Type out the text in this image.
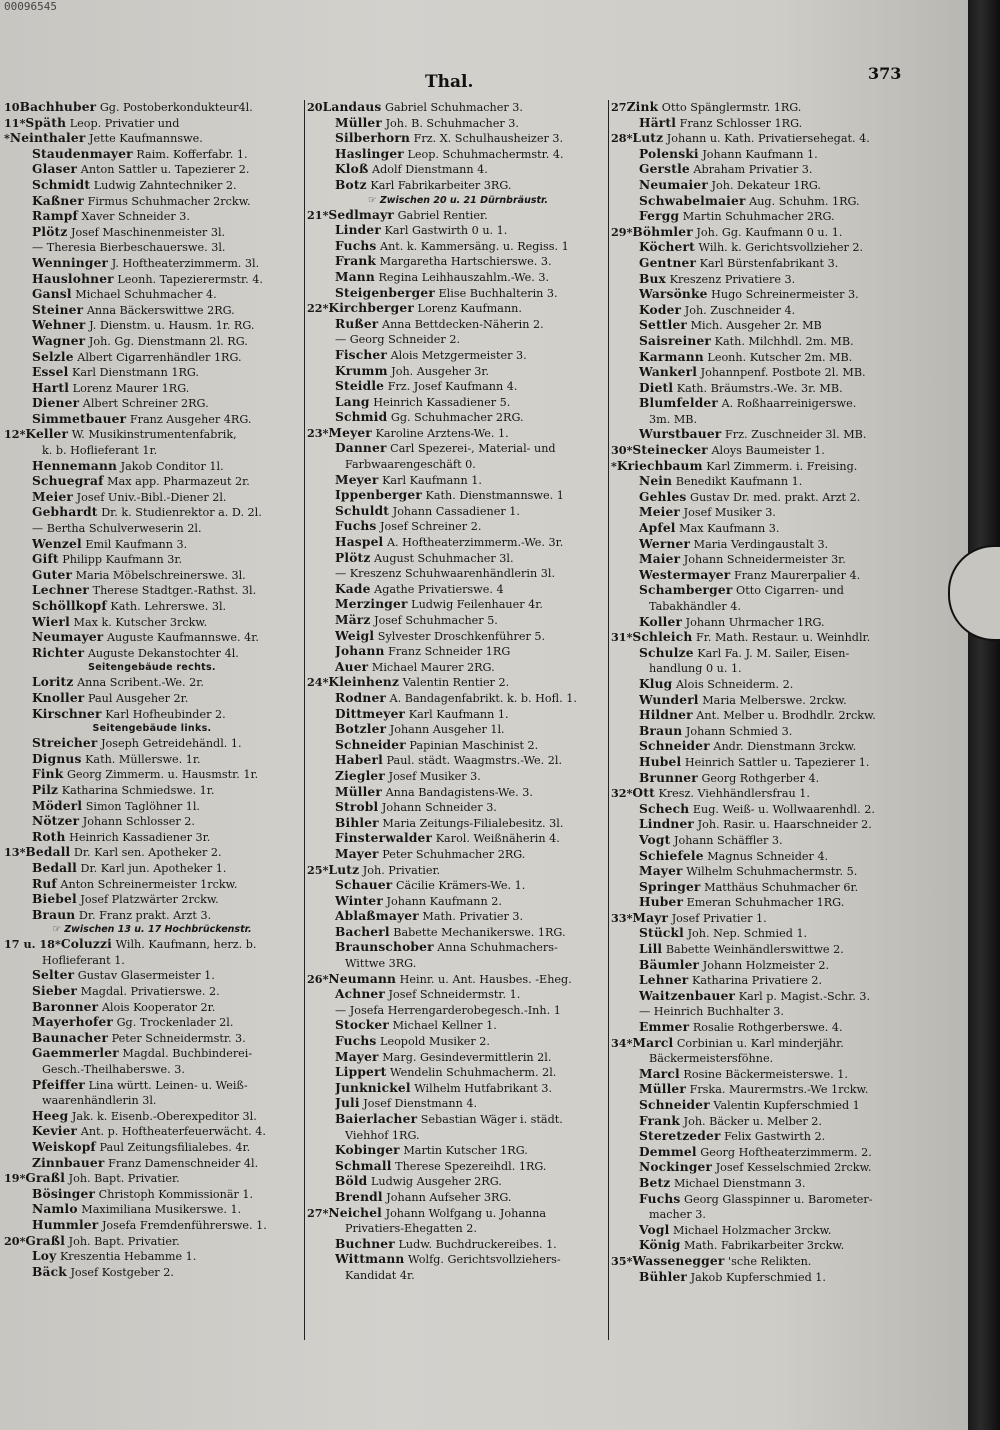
00096545
Thal.	373
10Bachhuber Gg. Postoberkondukteur4l.
11*Späth Leop. Privatier und
*Neinthaler Jette Kaufmannswe.
Staudenmayer Raim. Kofferfabr. 1.
Glaser Anton Sattler u. Tapezierer 2.
Schmidt Ludwig Zahntechniker 2.
Kaßner Firmus Schuhmacher 2rckw.
Rampf Xaver Schneider 3.
Plötz Josef Maschinenmeister 3l.
— Theresia Bierbeschauerswe. 3l.
Wenninger J. Hoftheaterzimmerm. 3l.
Hauslohner Leonh. Tapezierermstr. 4.
Gansl Michael Schuhmacher 4.
Steiner Anna Bäckerswittwe 2RG.
Wehner J. Dienstm. u. Hausm. 1r. RG.
Wagner Joh. Gg. Dienstmann 2l. RG.
Selzle Albert Cigarrenhändler 1RG.
Essel Karl Dienstmann 1RG.
Hartl Lorenz Maurer 1RG.
Diener Albert Schreiner 2RG.
Simmetbauer Franz Ausgeher 4RG.
12*Keller W. Musikinstrumentenfabrik,
k. b. Hoflieferant 1r.
Hennemann Jakob Conditor 1l.
Schuegraf Max app. Pharmazeut 2r.
Meier Josef Univ.-Bibl.-Diener 2l.
Gebhardt Dr. k. Studienrektor a. D. 2l.
— Bertha Schulverweserin 2l.
Wenzel Emil Kaufmann 3.
Gift Philipp Kaufmann 3r.
Guter Maria Möbelschreinerswe. 3l.
Lechner Therese Stadtger.-Rathst. 3l.
Schöllkopf Kath. Lehrerswe. 3l.
Wierl Max k. Kutscher 3rckw.
Neumayer Auguste Kaufmannswe. 4r.
Richter Auguste Dekanstochter 4l.
Seitengebäude rechts.
Loritz Anna Scribent.-We. 2r.
Knoller Paul Ausgeher 2r.
Kirschner Karl Hofheubinder 2.
Seitengebäude links.
Streicher Joseph Getreidehändl. 1.
Dignus Kath. Müllerswe. 1r.
Fink Georg Zimmerm. u. Hausmstr. 1r.
Pilz Katharina Schmiedswe. 1r.
Möderl Simon Taglöhner 1l.
Nötzer Johann Schlosser 2.
Roth Heinrich Kassadiener 3r.
13*Bedall Dr. Karl sen. Apotheker 2.
Bedall Dr. Karl jun. Apotheker 1.
Ruf Anton Schreinermeister 1rckw.
Biebel Josef Platzwärter 2rckw.
Braun Dr. Franz prakt. Arzt 3.
☞ Zwischen 13 u. 17 Hochbrückenstr.
17 u. 18*Coluzzi Wilh. Kaufmann, herz. b.
Hoflieferant 1.
Selter Gustav Glasermeister 1.
Sieber Magdal. Privatierswe. 2.
Baronner Alois Kooperator 2r.
Mayerhofer Gg. Trockenlader 2l.
Baunacher Peter Schneidermstr. 3.
Gaemmerler Magdal. Buchbinderei-
Gesch.-Theilhaberswe. 3.
Pfeiffer Lina württ. Leinen- u. Weiß-
waarenhändlerin 3l.
Heeg Jak. k. Eisenb.-Oberexpeditor 3l.
Kevier Ant. p. Hoftheaterfeuerwächt. 4.
Weiskopf Paul Zeitungsfilialebes. 4r.
Zinnbauer Franz Damenschneider 4l.
19*Graßl Joh. Bapt. Privatier.
Bösinger Christoph Kommissionär 1.
Namlo Maximiliana Musikerswe. 1.
Hummler Josefa Fremdenführerswe. 1.
20*Graßl Joh. Bapt. Privatier.
Loy Kreszentia Hebamme 1.
Bäck Josef Kostgeber 2.
20Landaus Gabriel Schuhmacher 3.
Müller Joh. B. Schuhmacher 3.
Silberhorn Frz. X. Schulhausheizer 3.
Haslinger Leop. Schuhmachermstr. 4.
Kloß Adolf Dienstmann 4.
Botz Karl Fabrikarbeiter 3RG.
☞ Zwischen 20 u. 21 Dürnbräustr.
21*Sedlmayr Gabriel Rentier.
Linder Karl Gastwirth 0 u. 1.
Fuchs Ant. k. Kammersäng. u. Regiss. 1
Frank Margaretha Hartschierswe. 3.
Mann Regina Leihhauszahlm.-We. 3.
Steigenberger Elise Buchhalterin 3.
22*Kirchberger Lorenz Kaufmann.
Rußer Anna Bettdecken-Näherin 2.
— Georg Schneider 2.
Fischer Alois Metzgermeister 3.
Krumm Joh. Ausgeher 3r.
Steidle Frz. Josef Kaufmann 4.
Lang Heinrich Kassadiener 5.
Schmid Gg. Schuhmacher 2RG.
23*Meyer Karoline Arztens-We. 1.
Danner Carl Spezerei-, Material- und
Farbwaarengeschäft 0.
Meyer Karl Kaufmann 1.
Ippenberger Kath. Dienstmannswe. 1
Schuldt Johann Cassadiener 1.
Fuchs Josef Schreiner 2.
Haspel A. Hoftheaterzimmerm.-We. 3r.
Plötz August Schuhmacher 3l.
— Kreszenz Schuhwaarenhändlerin 3l.
Kade Agathe Privatierswe. 4
Merzinger Ludwig Feilenhauer 4r.
März Josef Schuhmacher 5.
Weigl Sylvester Droschkenführer 5.
Johann Franz Schneider 1RG
Auer Michael Maurer 2RG.
24*Kleinhenz Valentin Rentier 2.
Rodner A. Bandagenfabrikt. k. b. Hofl. 1.
Dittmeyer Karl Kaufmann 1.
Botzler Johann Ausgeher 1l.
Schneider Papinian Maschinist 2.
Haberl Paul. städt. Waagmstrs.-We. 2l.
Ziegler Josef Musiker 3.
Müller Anna Bandagistens-We. 3.
Strobl Johann Schneider 3.
Bihler Maria Zeitungs-Filialebesitz. 3l.
Finsterwalder Karol. Weißnäherin 4.
Mayer Peter Schuhmacher 2RG.
25*Lutz Joh. Privatier.
Schauer Cäcilie Krämers-We. 1.
Winter Johann Kaufmann 2.
Ablaßmayer Math. Privatier 3.
Bacherl Babette Mechanikerswe. 1RG.
Braunschober Anna Schuhmachers-
Wittwe 3RG.
26*Neumann Heinr. u. Ant. Hausbes. -Eheg.
Achner Josef Schneidermstr. 1.
— Josefa Herrengarderobegesch.-Inh. 1
Stocker Michael Kellner 1.
Fuchs Leopold Musiker 2.
Mayer Marg. Gesindevermittlerin 2l.
Lippert Wendelin Schuhmacherm. 2l.
Junknickel Wilhelm Hutfabrikant 3.
Juli Josef Dienstmann 4.
Baierlacher Sebastian Wäger i. städt.
Viehhof 1RG.
Kobinger Martin Kutscher 1RG.
Schmall Therese Spezereihdl. 1RG.
Böld Ludwig Ausgeher 2RG.
Brendl Johann Aufseher 3RG.
27*Neichel Johann Wolfgang u. Johanna
Privatiers-Ehegatten 2.
Buchner Ludw. Buchdruckereibes. 1.
Wittmann Wolfg. Gerichtsvollziehers-
Kandidat 4r.
27Zink Otto Spänglermstr. 1RG.
Härtl Franz Schlosser 1RG.
28*Lutz Johann u. Kath. Privatiersehegat. 4.
Polenski Johann Kaufmann 1.
Gerstle Abraham Privatier 3.
Neumaier Joh. Dekateur 1RG.
Schwabelmaier Aug. Schuhm. 1RG.
Fergg Martin Schuhmacher 2RG.
29*Böhmler Joh. Gg. Kaufmann 0 u. 1.
Köchert Wilh. k. Gerichtsvollzieher 2.
Gentner Karl Bürstenfabrikant 3.
Bux Kreszenz Privatiere 3.
Warsönke Hugo Schreinermeister 3.
Koder Joh. Zuschneider 4.
Settler Mich. Ausgeher 2r. MB
Saisreiner Kath. Milchhdl. 2m. MB.
Karmann Leonh. Kutscher 2m. MB.
Wankerl Johannpenf. Postbote 2l. MB.
Dietl Kath. Bräumstrs.-We. 3r. MB.
Blumfelder A. Roßhaarreinigerswe.
3m. MB.
Wurstbauer Frz. Zuschneider 3l. MB.
30*Steinecker Aloys Baumeister 1.
*Kriechbaum Karl Zimmerm. i. Freising.
Nein Benedikt Kaufmann 1.
Gehles Gustav Dr. med. prakt. Arzt 2.
Meier Josef Musiker 3.
Apfel Max Kaufmann 3.
Werner Maria Verdingaustalt 3.
Maier Johann Schneidermeister 3r.
Westermayer Franz Maurerpalier 4.
Schamberger Otto Cigarren- und
Tabakhändler 4.
Koller Johann Uhrmacher 1RG.
31*Schleich Fr. Math. Restaur. u. Weinhdlr.
Schulze Karl Fa. J. M. Sailer, Eisen-
handlung 0 u. 1.
Klug Alois Schneiderm. 2.
Wunderl Maria Melberswe. 2rckw.
Hildner Ant. Melber u. Brodhdlr. 2rckw.
Braun Johann Schmied 3.
Schneider Andr. Dienstmann 3rckw.
Hubel Heinrich Sattler u. Tapezierer 1.
Brunner Georg Rothgerber 4.
32*Ott Kresz. Viehhändlersfrau 1.
Schech Eug. Weiß- u. Wollwaarenhdl. 2.
Lindner Joh. Rasir. u. Haarschneider 2.
Vogt Johann Schäffler 3.
Schiefele Magnus Schneider 4.
Mayer Wilhelm Schuhmachermstr. 5.
Springer Matthäus Schuhmacher 6r.
Huber Emeran Schuhmacher 1RG.
33*Mayr Josef Privatier 1.
Stückl Joh. Nep. Schmied 1.
Lill Babette Weinhändlerswittwe 2.
Bäumler Johann Holzmeister 2.
Lehner Katharina Privatiere 2.
Waitzenbauer Karl p. Magist.-Schr. 3.
— Heinrich Buchhalter 3.
Emmer Rosalie Rothgerberswe. 4.
34*Marcl Corbinian u. Karl minderjähr.
Bäckermeistersföhne.
Marcl Rosine Bäckermeisterswe. 1.
Müller Frska. Maurermstrs.-We 1rckw.
Schneider Valentin Kupferschmied 1
Frank Joh. Bäcker u. Melber 2.
Steretzeder Felix Gastwirth 2.
Demmel Georg Hoftheaterzimmerm. 2.
Nockinger Josef Kesselschmied 2rckw.
Betz Michael Dienstmann 3.
Fuchs Georg Glasspinner u. Barometer-
macher 3.
Vogl Michael Holzmacher 3rckw.
König Math. Fabrikarbeiter 3rckw.
35*Wassenegger 'sche Relikten.
Bühler Jakob Kupferschmied 1.
